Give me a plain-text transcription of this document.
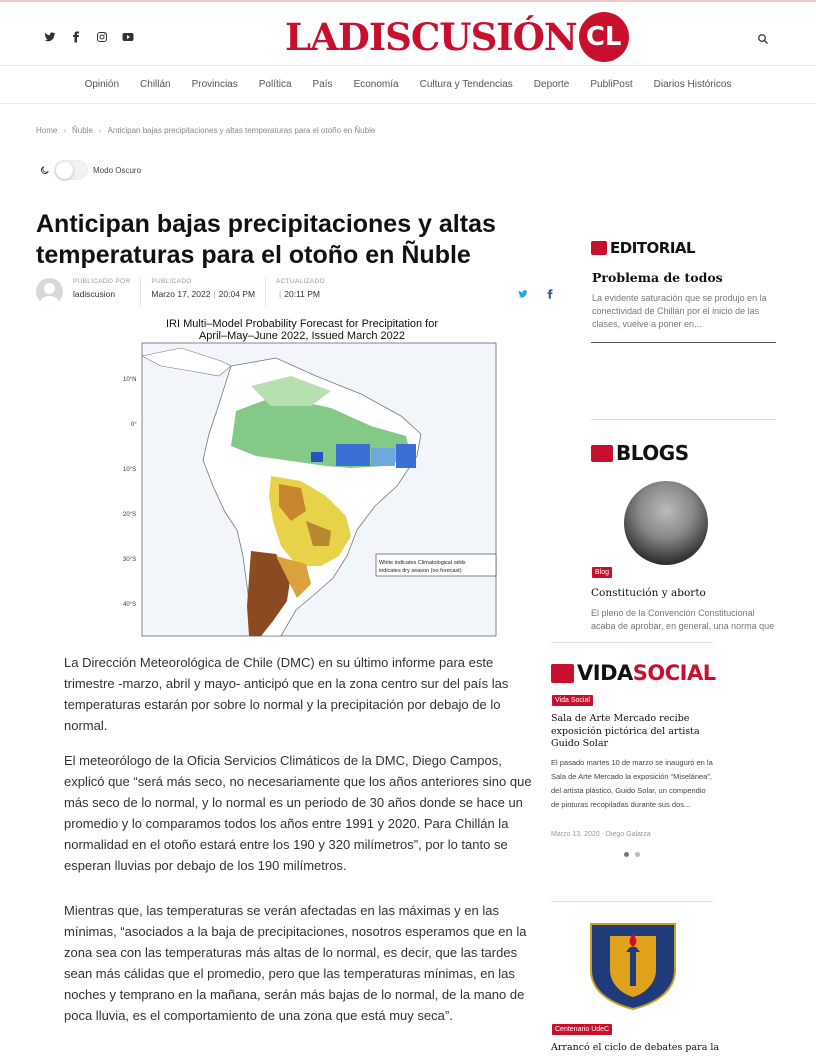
LADISCUSIÓN CL
Opinión Chillán Provincias Política País Economía Cultura y Tendencias Deporte PubliPost Diarios Históricos
Home › Ñuble › Anticipan bajas precipitaciones y altas temperaturas para el otoño en Ñuble
Modo Oscuro
Anticipan bajas precipitaciones y altas temperaturas para el otoño en Ñuble
PUBLICADO POR
ladiscusion
PUBLICADO
Marzo 17, 2022 | 20:04 PM
ACTUALIZADO
| 20:11 PM
IRI Multi–Model Probability Forecast for Precipitation for
April–May–June 2022, Issued March 2022
10°N
0°
10°S
20°S
30°S
40°S
White indicates Climatological odds
indicates dry season (no forecast)

La Dirección Meteorológica de Chile (DMC) en su último informe para este trimestre -marzo, abril y mayo- anticipó que en la zona centro sur del país las temperaturas estarán por sobre lo normal y la precipitación por debajo de lo normal.

El meteorólogo de la Oficia Servicios Climáticos de la DMC, Diego Campos, explicó que “será más seco, no necesariamente que los años anteriores sino que más seco de lo normal, y lo normal es un periodo de 30 años donde se hace un promedio y lo comparamos todos los años entre 1991 y 2020. Para Chillán la normalidad en el otoño estará entre los 190 y 320 milímetros”, por lo tanto se esperan lluvias por debajo de los 190 milímetros.

Mientras que, las temperaturas se verán afectadas en las máximas y en las mínimas, “asociados a la baja de precipitaciones, nosotros esperamos que en la zona sea con las temperaturas más altas de lo normal, es decir, que las tardes sean más cálidas que el promedio, pero que las temperaturas mínimas, en las noches y temprano en la mañana, serán más bajas de lo normal, de la mano de poca lluvia, es el comportamiento de una zona que está muy seca”.

EDITORIAL
Problema de todos
La evidente saturación que se produjo en la conectividad de Chillán por el inicio de las clases, vuelve a poner en...
BLOGS
Blog
Constitución y aborto
El pleno de la Convención Constitucional acaba de aprobar, en general, una norma que
VIDASOCIAL
Vida Social
Sala de Arte Mercado recibe exposición pictórica del artista Guido Solar
El pasado martes 10 de marzo se inauguró en la Sala de Arte Mercado la exposición “Miselánea”, del artista plástico, Guido Solar, un compendio de pinturas recopiladas durante sus dos...
Marzo 13, 2020 · Diego Galarza
Centenario UdeC
Arrancó el ciclo de debates para la
